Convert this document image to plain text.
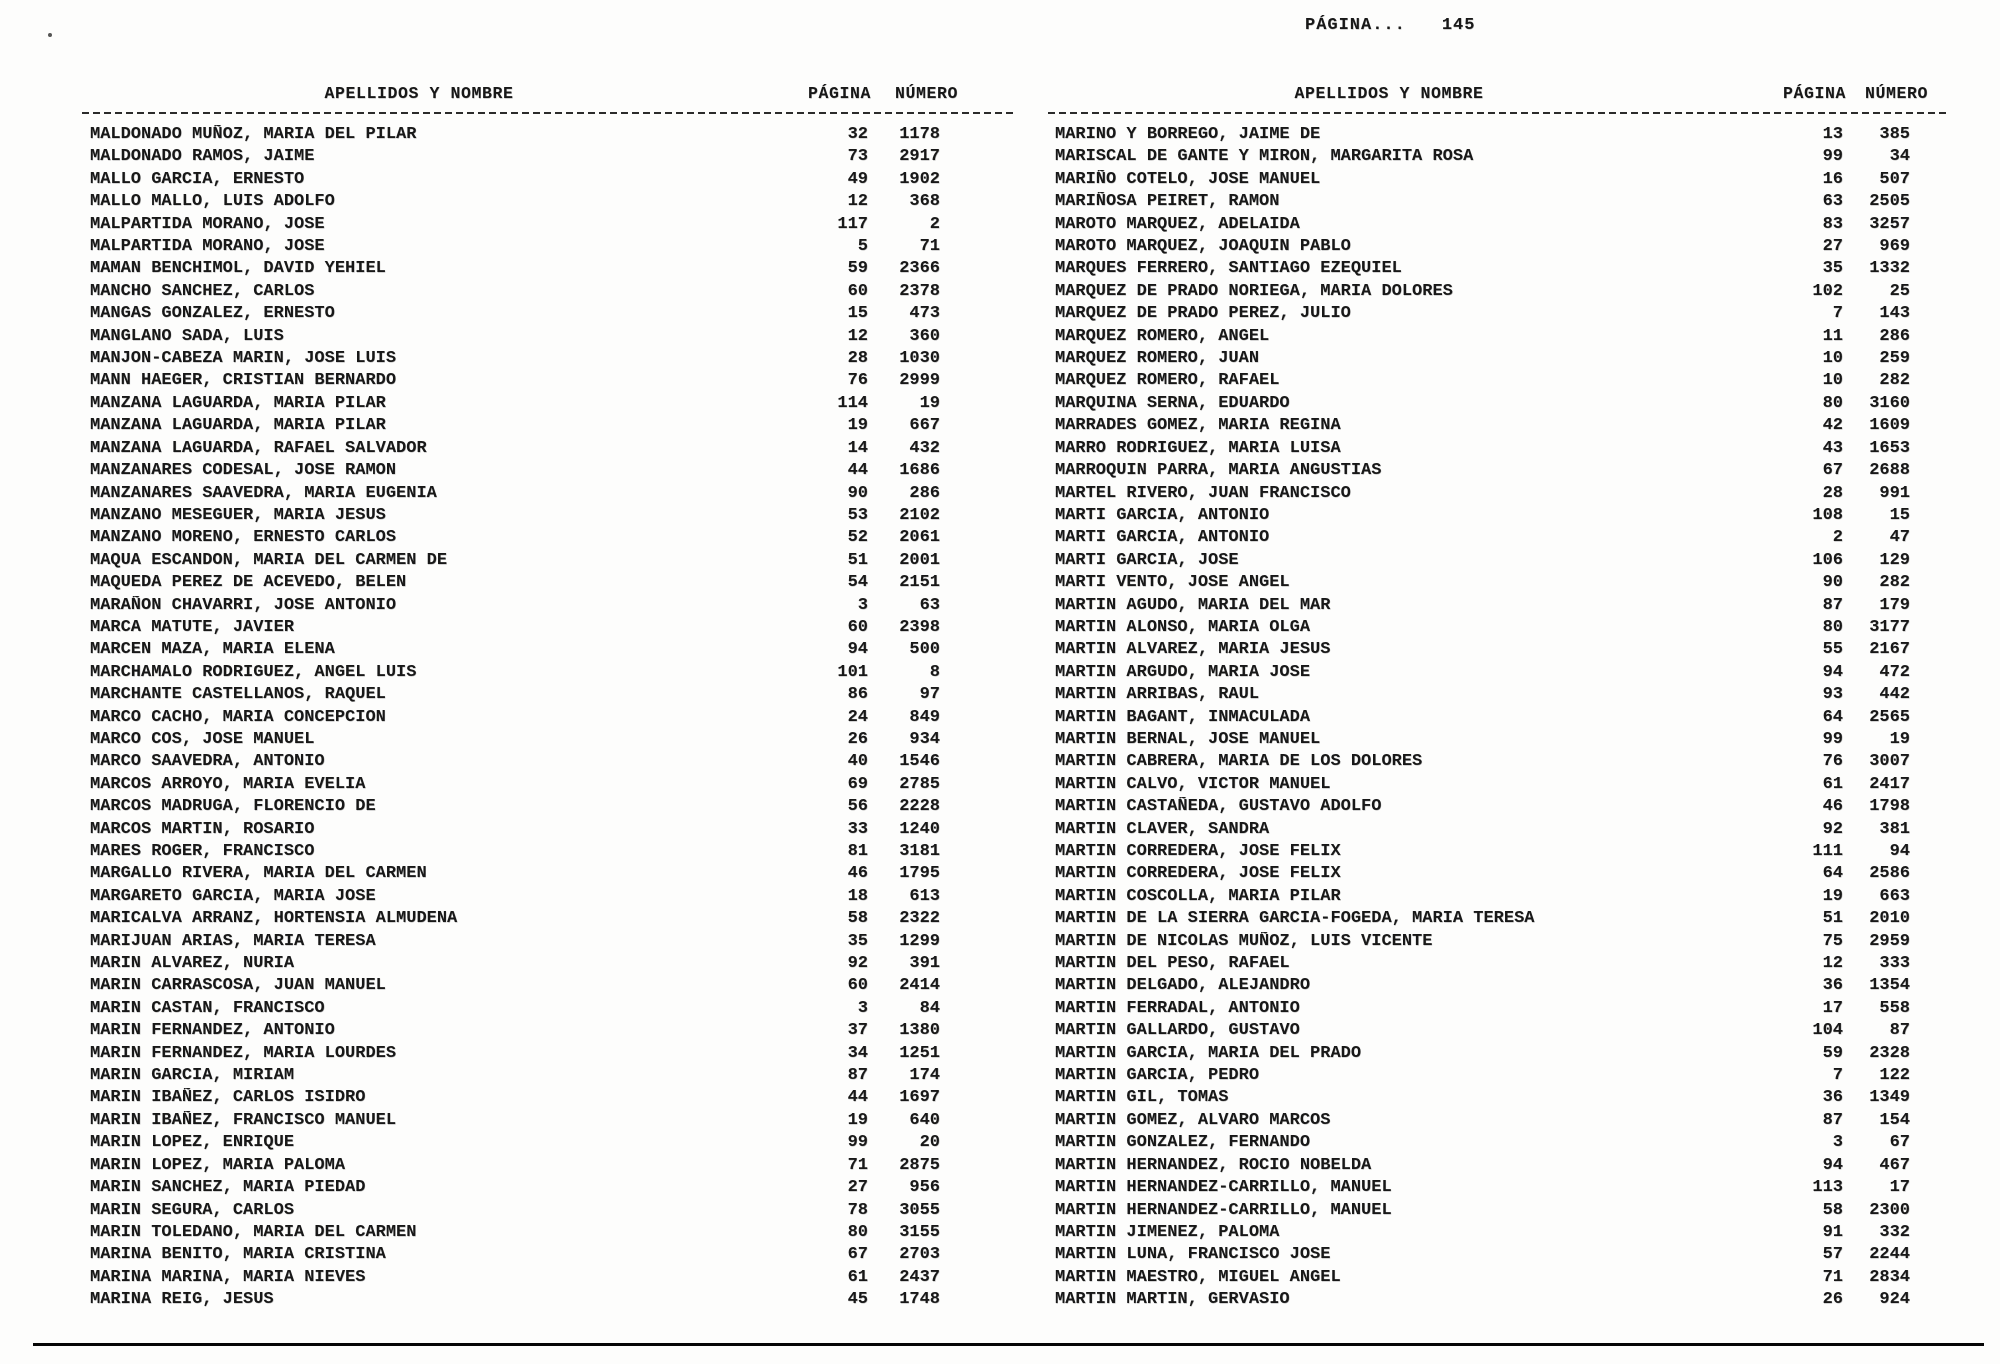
PÁGINA... 145
APELLIDOS Y NOMBRE	PÁGINA	NÚMERO
MALDONADO MUÑOZ, MARIA DEL PILAR	32	1178
MALDONADO RAMOS, JAIME	73	2917
MALLO GARCIA, ERNESTO	49	1902
MALLO MALLO, LUIS ADOLFO	12	368
MALPARTIDA MORANO, JOSE	117	2
MALPARTIDA MORANO, JOSE	5	71
MAMAN BENCHIMOL, DAVID YEHIEL	59	2366
MANCHO SANCHEZ, CARLOS	60	2378
MANGAS GONZALEZ, ERNESTO	15	473
MANGLANO SADA, LUIS	12	360
MANJON-CABEZA MARIN, JOSE LUIS	28	1030
MANN HAEGER, CRISTIAN BERNARDO	76	2999
MANZANA LAGUARDA, MARIA PILAR	114	19
MANZANA LAGUARDA, MARIA PILAR	19	667
MANZANA LAGUARDA, RAFAEL SALVADOR	14	432
MANZANARES CODESAL, JOSE RAMON	44	1686
MANZANARES SAAVEDRA, MARIA EUGENIA	90	286
MANZANO MESEGUER, MARIA JESUS	53	2102
MANZANO MORENO, ERNESTO CARLOS	52	2061
MAQUA ESCANDON, MARIA DEL CARMEN DE	51	2001
MAQUEDA PEREZ DE ACEVEDO, BELEN	54	2151
MARAÑON CHAVARRI, JOSE ANTONIO	3	63
MARCA MATUTE, JAVIER	60	2398
MARCEN MAZA, MARIA ELENA	94	500
MARCHAMALO RODRIGUEZ, ANGEL LUIS	101	8
MARCHANTE CASTELLANOS, RAQUEL	86	97
MARCO CACHO, MARIA CONCEPCION	24	849
MARCO COS, JOSE MANUEL	26	934
MARCO SAAVEDRA, ANTONIO	40	1546
MARCOS ARROYO, MARIA EVELIA	69	2785
MARCOS MADRUGA, FLORENCIO DE	56	2228
MARCOS MARTIN, ROSARIO	33	1240
MARES ROGER, FRANCISCO	81	3181
MARGALLO RIVERA, MARIA DEL CARMEN	46	1795
MARGARETO GARCIA, MARIA JOSE	18	613
MARICALVA ARRANZ, HORTENSIA ALMUDENA	58	2322
MARIJUAN ARIAS, MARIA TERESA	35	1299
MARIN ALVAREZ, NURIA	92	391
MARIN CARRASCOSA, JUAN MANUEL	60	2414
MARIN CASTAN, FRANCISCO	3	84
MARIN FERNANDEZ, ANTONIO	37	1380
MARIN FERNANDEZ, MARIA LOURDES	34	1251
MARIN GARCIA, MIRIAM	87	174
MARIN IBAÑEZ, CARLOS ISIDRO	44	1697
MARIN IBAÑEZ, FRANCISCO MANUEL	19	640
MARIN LOPEZ, ENRIQUE	99	20
MARIN LOPEZ, MARIA PALOMA	71	2875
MARIN SANCHEZ, MARIA PIEDAD	27	956
MARIN SEGURA, CARLOS	78	3055
MARIN TOLEDANO, MARIA DEL CARMEN	80	3155
MARINA BENITO, MARIA CRISTINA	67	2703
MARINA MARINA, MARIA NIEVES	61	2437
MARINA REIG, JESUS	45	1748
APELLIDOS Y NOMBRE	PÁGINA	NÚMERO
MARINO Y BORREGO, JAIME DE	13	385
MARISCAL DE GANTE Y MIRON, MARGARITA ROSA	99	34
MARIÑO COTELO, JOSE MANUEL	16	507
MARIÑOSA PEIRET, RAMON	63	2505
MAROTO MARQUEZ, ADELAIDA	83	3257
MAROTO MARQUEZ, JOAQUIN PABLO	27	969
MARQUES FERRERO, SANTIAGO EZEQUIEL	35	1332
MARQUEZ DE PRADO NORIEGA, MARIA DOLORES	102	25
MARQUEZ DE PRADO PEREZ, JULIO	7	143
MARQUEZ ROMERO, ANGEL	11	286
MARQUEZ ROMERO, JUAN	10	259
MARQUEZ ROMERO, RAFAEL	10	282
MARQUINA SERNA, EDUARDO	80	3160
MARRADES GOMEZ, MARIA REGINA	42	1609
MARRO RODRIGUEZ, MARIA LUISA	43	1653
MARROQUIN PARRA, MARIA ANGUSTIAS	67	2688
MARTEL RIVERO, JUAN FRANCISCO	28	991
MARTI GARCIA, ANTONIO	108	15
MARTI GARCIA, ANTONIO	2	47
MARTI GARCIA, JOSE	106	129
MARTI VENTO, JOSE ANGEL	90	282
MARTIN AGUDO, MARIA DEL MAR	87	179
MARTIN ALONSO, MARIA OLGA	80	3177
MARTIN ALVAREZ, MARIA JESUS	55	2167
MARTIN ARGUDO, MARIA JOSE	94	472
MARTIN ARRIBAS, RAUL	93	442
MARTIN BAGANT, INMACULADA	64	2565
MARTIN BERNAL, JOSE MANUEL	99	19
MARTIN CABRERA, MARIA DE LOS DOLORES	76	3007
MARTIN CALVO, VICTOR MANUEL	61	2417
MARTIN CASTAÑEDA, GUSTAVO ADOLFO	46	1798
MARTIN CLAVER, SANDRA	92	381
MARTIN CORREDERA, JOSE FELIX	111	94
MARTIN CORREDERA, JOSE FELIX	64	2586
MARTIN COSCOLLA, MARIA PILAR	19	663
MARTIN DE LA SIERRA GARCIA-FOGEDA, MARIA TERESA	51	2010
MARTIN DE NICOLAS MUÑOZ, LUIS VICENTE	75	2959
MARTIN DEL PESO, RAFAEL	12	333
MARTIN DELGADO, ALEJANDRO	36	1354
MARTIN FERRADAL, ANTONIO	17	558
MARTIN GALLARDO, GUSTAVO	104	87
MARTIN GARCIA, MARIA DEL PRADO	59	2328
MARTIN GARCIA, PEDRO	7	122
MARTIN GIL, TOMAS	36	1349
MARTIN GOMEZ, ALVARO MARCOS	87	154
MARTIN GONZALEZ, FERNANDO	3	67
MARTIN HERNANDEZ, ROCIO NOBELDA	94	467
MARTIN HERNANDEZ-CARRILLO, MANUEL	113	17
MARTIN HERNANDEZ-CARRILLO, MANUEL	58	2300
MARTIN JIMENEZ, PALOMA	91	332
MARTIN LUNA, FRANCISCO JOSE	57	2244
MARTIN MAESTRO, MIGUEL ANGEL	71	2834
MARTIN MARTIN, GERVASIO	26	924
